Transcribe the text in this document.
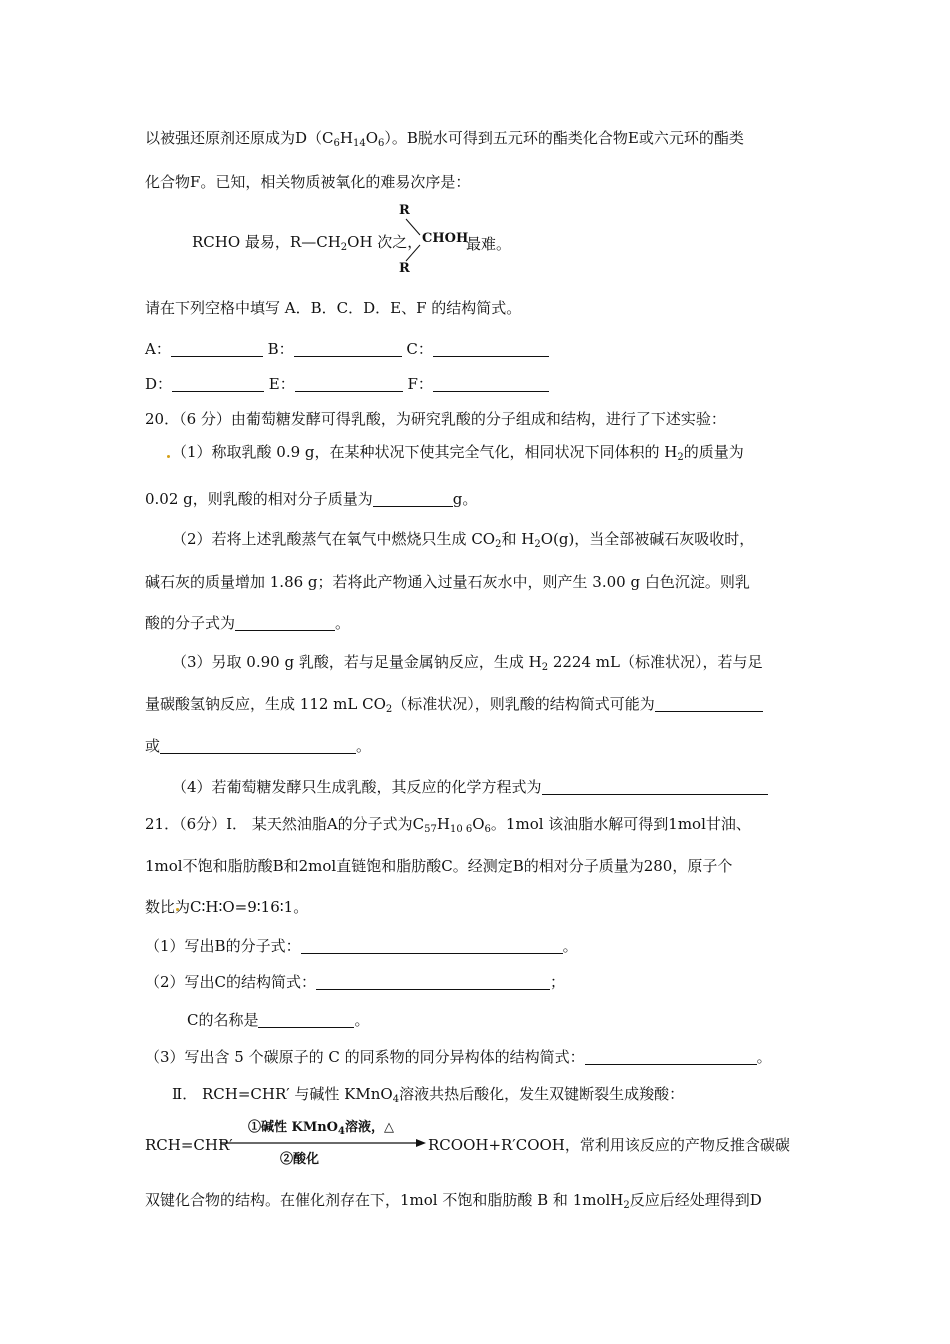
以被强还原剂还原成为$D(C_6H_{14}O_6)$。B脱水可得到五元环的酯类化合物E或六元环的酯类
化合物F。已知，相关物质被氧化的难易次序是：
RCHO 最易，$R—CH_2OH$ 次之，
R
CHOH
R
最难。
请在下列空格中填写 A．B．C．D．E、F 的结构简式。
A：	B：	C：
D：	E：	F：
20．（6 分）由葡萄糖发酵可得乳酸，为研究乳酸的分子组成和结构，进行了下述实验：
（1）称取乳酸 0.9 g，在某种状况下使其完全气化，相同状况下同体积的 $H_2$的质量为
0.02 g，则乳酸的相对分子质量为	g。
（2）若将上述乳酸蒸气在氧气中燃烧只生成 $CO_2$和 $H_2O(g)$，当全部被碱石灰吸收时，
碱石灰的质量增加 1.86 g；若将此产物通入过量石灰水中，则产生 3.00 g 白色沉淀。则乳
酸的分子式为	。
（3）另取 0.90 g 乳酸，若与足量金属钠反应，生成 $H_2$ 2224 mL（标准状况），若与足
量碳酸氢钠反应，生成 112 mL $CO_2$（标准状况），则乳酸的结构简式可能为
或	。
（4）若葡萄糖发酵只生成乳酸，其反应的化学方程式为
21．（6分）Ⅰ． 某天然油脂A的分子式为$C_{57}H_{10 6}O_6$。1mol 该油脂水解可得到1mol甘油、
1mol不饱和脂肪酸B和2mol直链饱和脂肪酸C。经测定B的相对分子质量为280，原子个
数比为C∶H∶O=9∶16∶1。
（1）写出B的分子式：	。
（2）写出C的结构简式：	；
C的名称是	。
（3）写出含 5 个碳原子的 C 的同系物的同分异构体的结构简式：	。
Ⅱ． RCH=CHR′ 与碱性 KMnO$_4$溶液共热后酸化，发生双键断裂生成羧酸：
RCH=CHR′
①碱性 KMnO$_4$溶液，△
②酸化
RCOOH+R′COOH，常利用该反应的产物反推含碳碳
双键化合物的结构。在催化剂存在下，1mol 不饱和脂肪酸 B 和 1molH$_2$反应后经处理得到D
